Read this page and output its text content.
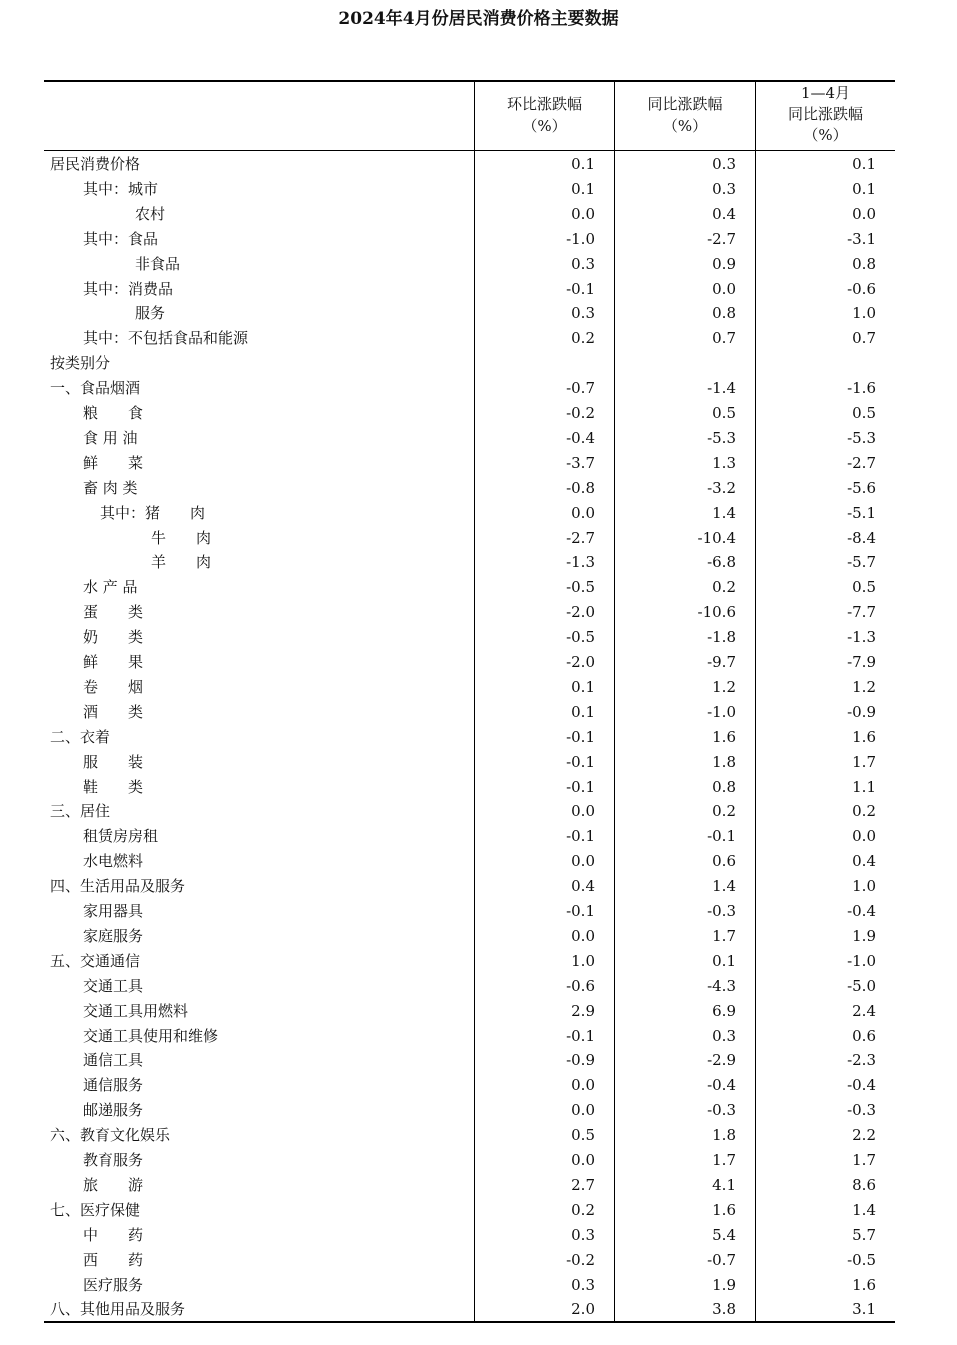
2024年4月份居民消费价格主要数据
环比涨跌幅
（%）
同比涨跌幅
（%）
1—4月
同比涨跌幅
（%）
居民消费价格	0.1	0.3	0.1
其中：城市	0.1	0.3	0.1
农村	0.0	0.4	0.0
其中：食品	-1.0	-2.7	-3.1
非食品	0.3	0.9	0.8
其中：消费品	-0.1	0.0	-0.6
服务	0.3	0.8	1.0
其中：不包括食品和能源	0.2	0.7	0.7
按类别分
一、食品烟酒	-0.7	-1.4	-1.6
粮　　食	-0.2	0.5	0.5
食 用 油	-0.4	-5.3	-5.3
鲜　　菜	-3.7	1.3	-2.7
畜 肉 类	-0.8	-3.2	-5.6
其中：猪　　肉	0.0	1.4	-5.1
牛　　肉	-2.7	-10.4	-8.4
羊　　肉	-1.3	-6.8	-5.7
水 产 品	-0.5	0.2	0.5
蛋　　类	-2.0	-10.6	-7.7
奶　　类	-0.5	-1.8	-1.3
鲜　　果	-2.0	-9.7	-7.9
卷　　烟	0.1	1.2	1.2
酒　　类	0.1	-1.0	-0.9
二、衣着	-0.1	1.6	1.6
服　　装	-0.1	1.8	1.7
鞋　　类	-0.1	0.8	1.1
三、居住	0.0	0.2	0.2
租赁房房租	-0.1	-0.1	0.0
水电燃料	0.0	0.6	0.4
四、生活用品及服务	0.4	1.4	1.0
家用器具	-0.1	-0.3	-0.4
家庭服务	0.0	1.7	1.9
五、交通通信	1.0	0.1	-1.0
交通工具	-0.6	-4.3	-5.0
交通工具用燃料	2.9	6.9	2.4
交通工具使用和维修	-0.1	0.3	0.6
通信工具	-0.9	-2.9	-2.3
通信服务	0.0	-0.4	-0.4
邮递服务	0.0	-0.3	-0.3
六、教育文化娱乐	0.5	1.8	2.2
教育服务	0.0	1.7	1.7
旅　　游	2.7	4.1	8.6
七、医疗保健	0.2	1.6	1.4
中　　药	0.3	5.4	5.7
西　　药	-0.2	-0.7	-0.5
医疗服务	0.3	1.9	1.6
八、其他用品及服务	2.0	3.8	3.1
